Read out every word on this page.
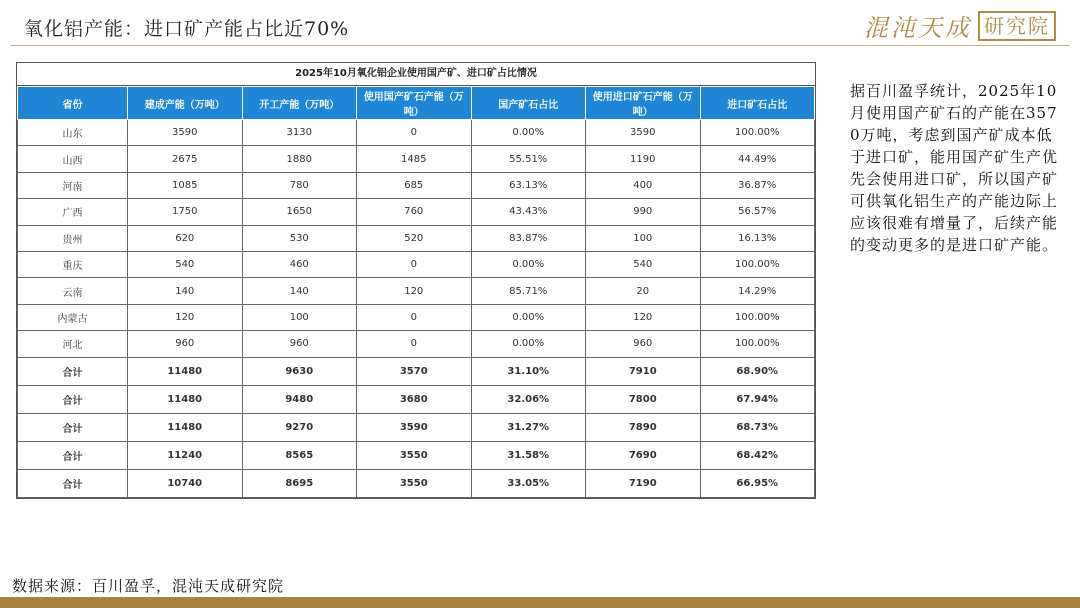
氧化铝产能：进口矿产能占比近70%	混沌天成 研究院
2025年10月氧化铝企业使用国产矿、进口矿占比情况
省份	建成产能（万吨）	开工产能（万吨）	使用国产矿石产能（万吨）	国产矿石占比	使用进口矿石产能（万吨）	进口矿石占比
山东	3590	3130	0	0.00%	3590	100.00%
山西	2675	1880	1485	55.51%	1190	44.49%
河南	1085	780	685	63.13%	400	36.87%
广西	1750	1650	760	43.43%	990	56.57%
贵州	620	530	520	83.87%	100	16.13%
重庆	540	460	0	0.00%	540	100.00%
云南	140	140	120	85.71%	20	14.29%
内蒙古	120	100	0	0.00%	120	100.00%
河北	960	960	0	0.00%	960	100.00%
合计	11480	9630	3570	31.10%	7910	68.90%
合计	11480	9480	3680	32.06%	7800	67.94%
合计	11480	9270	3590	31.27%	7890	68.73%
合计	11240	8565	3550	31.58%	7690	68.42%
合计	10740	8695	3550	33.05%	7190	66.95%
据百川盈孚统计，2025年10月使用国产矿石的产能在3570万吨，考虑到国产矿成本低于进口矿，能用国产矿生产优先会使用进口矿，所以国产矿可供氧化铝生产的产能边际上应该很难有增量了，后续产能的变动更多的是进口矿产能。
数据来源：百川盈孚，混沌天成研究院
